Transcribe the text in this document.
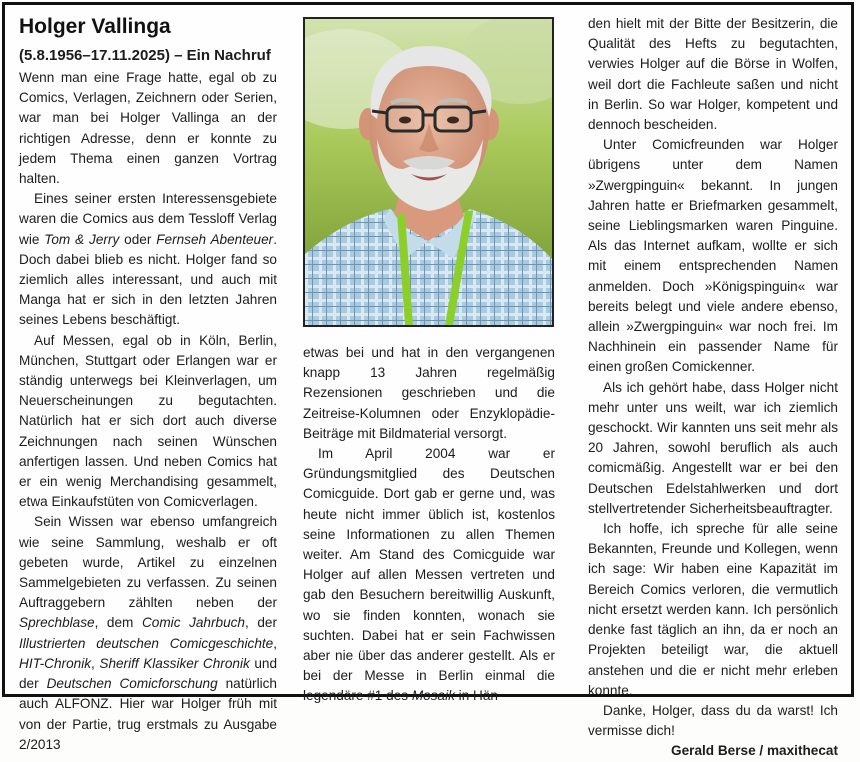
Holger Vallinga

(5.8.1956–17.11.2025) – Ein Nachruf

Wenn man eine Frage hatte, egal ob zu Comics, Verlagen, Zeichnern oder Serien, war man bei Holger Vallinga an der richtigen Adresse, denn er konnte zu jedem Thema einen ganzen Vortrag halten.

Eines seiner ersten Interessensgebiete waren die Comics aus dem Tessloff Verlag wie Tom & Jerry oder Fernseh Abenteuer. Doch dabei blieb es nicht. Holger fand so ziemlich alles interessant, und auch mit Manga hat er sich in den letzten Jahren seines Lebens beschäftigt.

Auf Messen, egal ob in Köln, Berlin, München, Stuttgart oder Erlangen war er ständig unterwegs bei Kleinverlagen, um Neuerscheinungen zu begutachten. Natürlich hat er sich dort auch diverse Zeichnungen nach seinen Wünschen anfertigen lassen. Und neben Comics hat er ein wenig Merchandising gesammelt, etwa Einkaufstüten von Comicverlagen.

Sein Wissen war ebenso umfangreich wie seine Sammlung, weshalb er oft gebeten wurde, Artikel zu einzelnen Sammelgebieten zu verfassen. Zu seinen Auftraggebern zählten neben der Sprechblase, dem Comic Jahrbuch, der Illustrierten deutschen Comicgeschichte, HIT-Chronik, Sheriff Klassiker Chronik und der Deutschen Comicforschung natürlich auch ALFONZ. Hier war Holger früh mit von der Partie, trug erstmals zu Ausgabe 2/2013

etwas bei und hat in den vergangenen knapp 13 Jahren regelmäßig Rezensionen geschrieben und die Zeitreise-Kolumnen oder Enzyklopädie-Beiträge mit Bildmaterial versorgt.

Im April 2004 war er Gründungsmitglied des Deutschen Comicguide. Dort gab er gerne und, was heute nicht immer üblich ist, kostenlos seine Informationen zu allen Themen weiter. Am Stand des Comicguide war Holger auf allen Messen vertreten und gab den Besuchern bereitwillig Auskunft, wo sie finden konnten, wonach sie suchten. Dabei hat er sein Fachwissen aber nie über das anderer gestellt. Als er bei der Messe in Berlin einmal die legendäre #1 des Mosaik in Hän-

den hielt mit der Bitte der Besitzerin, die Qualität des Hefts zu begutachten, verwies Holger auf die Börse in Wolfen, weil dort die Fachleute saßen und nicht in Berlin. So war Holger, kompetent und dennoch bescheiden.

Unter Comicfreunden war Holger übrigens unter dem Namen »Zwergpinguin« bekannt. In jungen Jahren hatte er Briefmarken gesammelt, seine Lieblingsmarken waren Pinguine. Als das Internet aufkam, wollte er sich mit einem entsprechenden Namen anmelden. Doch »Königspinguin« war bereits belegt und viele andere ebenso, allein »Zwergpinguin« war noch frei. Im Nachhinein ein passender Name für einen großen Comickenner.

Als ich gehört habe, dass Holger nicht mehr unter uns weilt, war ich ziemlich geschockt. Wir kannten uns seit mehr als 20 Jahren, sowohl beruflich als auch comicmäßig. Angestellt war er bei den Deutschen Edelstahlwerken und dort stellvertretender Sicherheitsbeauftragter.

Ich hoffe, ich spreche für alle seine Bekannten, Freunde und Kollegen, wenn ich sage: Wir haben eine Kapazität im Bereich Comics verloren, die vermutlich nicht ersetzt werden kann. Ich persönlich denke fast täglich an ihn, da er noch an Projekten beteiligt war, die aktuell anstehen und die er nicht mehr erleben konnte.

Danke, Holger, dass du da warst! Ich vermisse dich!

Gerald Berse / maxithecat
